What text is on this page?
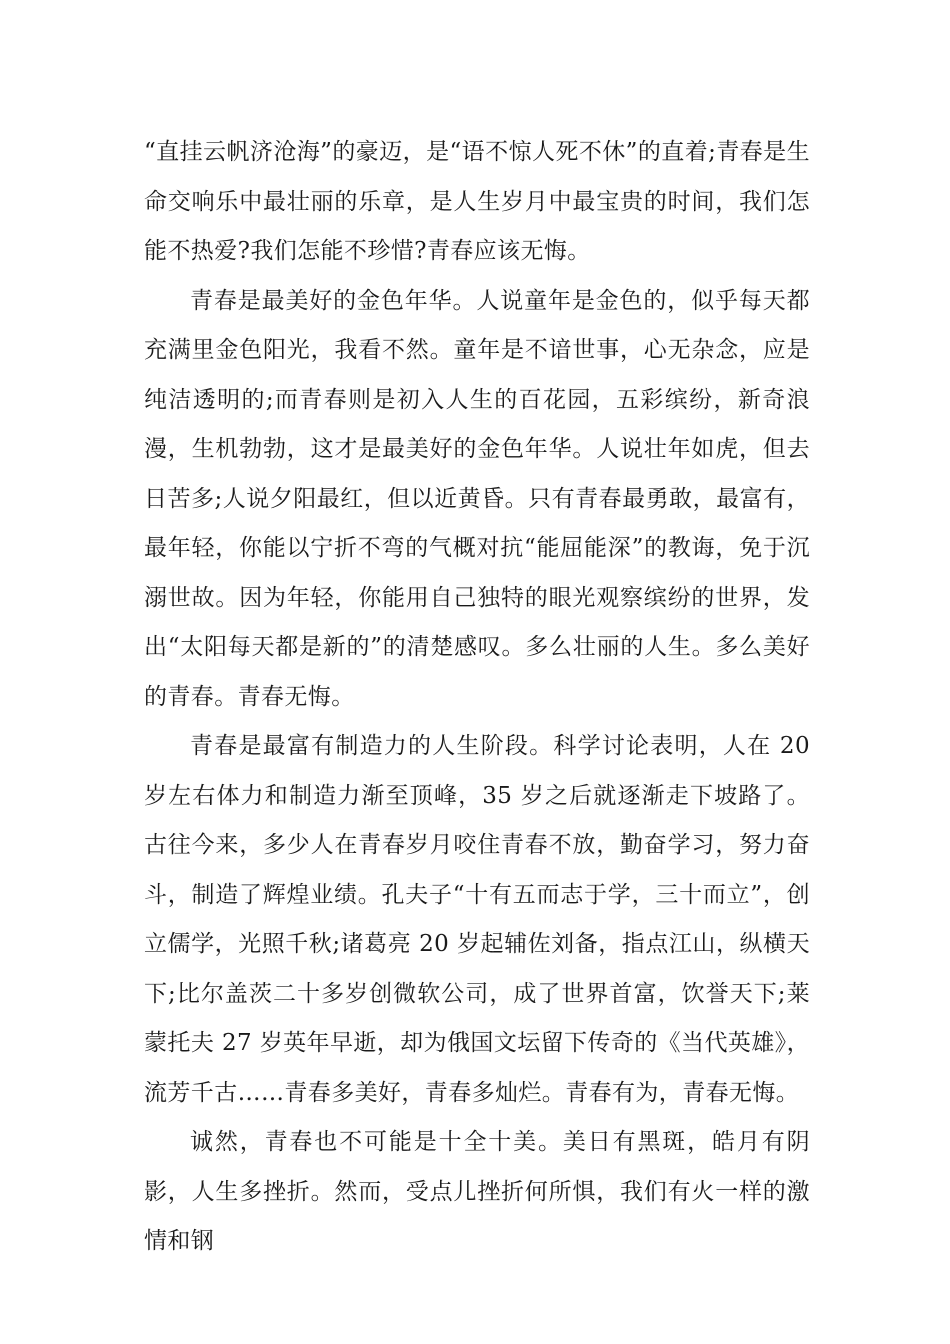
“直挂云帆济沧海”的豪迈，是“语不惊人死不休”的直着;青春是生命交响乐中最壮丽的乐章，是人生岁月中最宝贵的时间，我们怎能不热爱?我们怎能不珍惜?青春应该无悔。

青春是最美好的金色年华。人说童年是金色的，似乎每天都充满里金色阳光，我看不然。童年是不谙世事，心无杂念，应是纯洁透明的;而青春则是初入人生的百花园，五彩缤纷，新奇浪漫，生机勃勃，这才是最美好的金色年华。人说壮年如虎，但去日苦多;人说夕阳最红，但以近黄昏。只有青春最勇敢，最富有，最年轻，你能以宁折不弯的气概对抗“能屈能深”的教诲，免于沉溺世故。因为年轻，你能用自己独特的眼光观察缤纷的世界，发出“太阳每天都是新的”的清楚感叹。多么壮丽的人生。多么美好的青春。青春无悔。

青春是最富有制造力的人生阶段。科学讨论表明，人在 20 岁左右体力和制造力渐至顶峰，35 岁之后就逐渐走下坡路了。古往今来，多少人在青春岁月咬住青春不放，勤奋学习，努力奋斗，制造了辉煌业绩。孔夫子“十有五而志于学，三十而立”，创立儒学，光照千秋;诸葛亮 20 岁起辅佐刘备，指点江山，纵横天下;比尔盖茨二十多岁创微软公司，成了世界首富，饮誉天下;莱蒙托夫 27 岁英年早逝，却为俄国文坛留下传奇的《当代英雄》，流芳千古……青春多美好，青春多灿烂。青春有为，青春无悔。

诚然，青春也不可能是十全十美。美日有黑斑，皓月有阴影，人生多挫折。然而，受点儿挫折何所惧，我们有火一样的激情和钢
